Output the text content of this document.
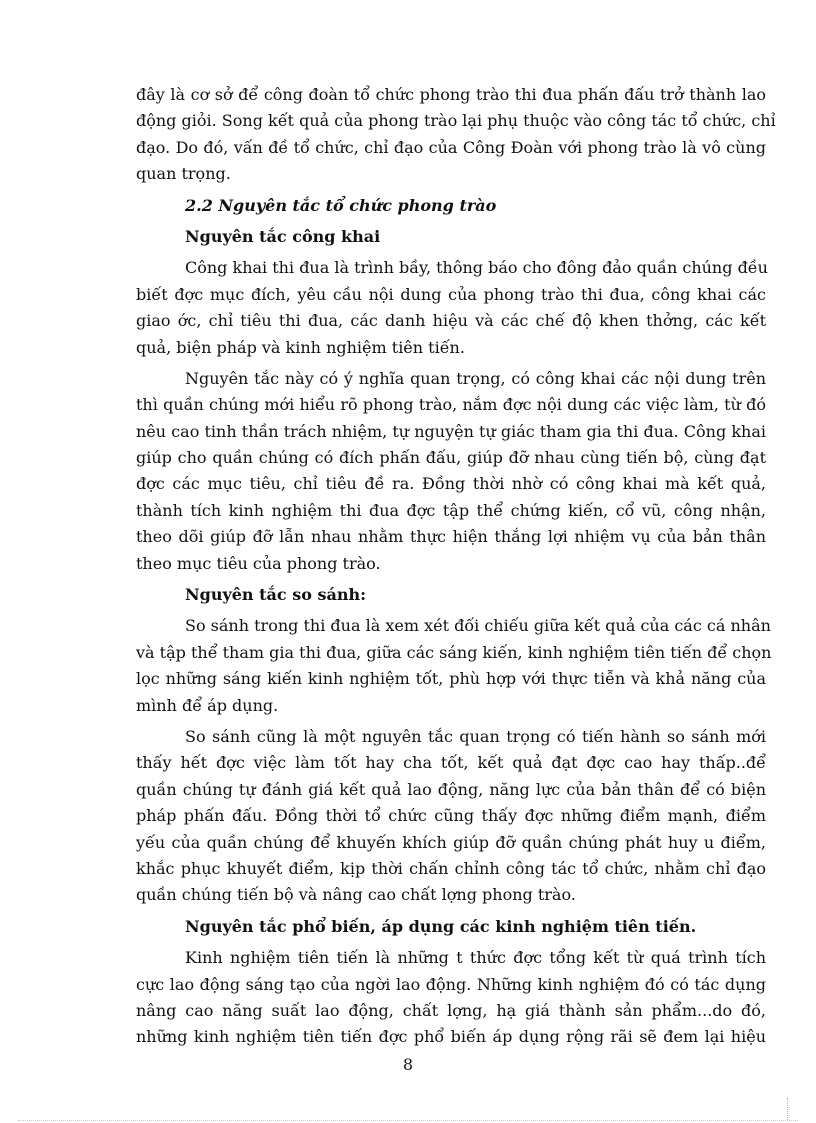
đây là cơ sở để công đoàn tổ chức phong trào thi đua phấn đấu trở thành lao
động giỏi. Song kết quả của phong trào lại phụ thuộc vào công tác tổ chức, chỉ
đạo. Do đó, vấn đề tổ chức, chỉ đạo của Công Đoàn với phong trào là vô cùng
quan trọng.
2.2 Nguyên tắc tổ chức phong trào
Nguyên tắc công khai
Công khai thi đua là trình bầy, thông báo cho đông đảo quần chúng đều
biết đợc mục đích, yêu cầu nội dung của phong trào thi đua, công khai các
giao ớc, chỉ tiêu thi đua, các danh hiệu và các chế độ khen thởng, các kết
quả, biện pháp và kinh nghiệm tiên tiến.
Nguyên tắc này có ý nghĩa quan trọng, có công khai các nội dung trên
thì quần chúng mới hiểu rõ phong trào, nắm đợc nội dung các việc làm, từ đó
nêu cao tinh thần trách nhiệm, tự nguyện tự giác tham gia thi đua. Công khai
giúp cho quần chúng có đích phấn đấu, giúp đỡ nhau cùng tiến bộ, cùng đạt
đợc các mục tiêu, chỉ tiêu đề ra. Đồng thời nhờ có công khai mà kết quả,
thành tích kinh nghiệm thi đua đợc tập thể chứng kiến, cổ vũ, công nhận,
theo dõi giúp đỡ lẫn nhau nhằm thực hiện thắng lợi nhiệm vụ của bản thân
theo mục tiêu của phong trào.
Nguyên tắc so sánh:
So sánh trong thi đua là xem xét đối chiếu giữa kết quả của các cá nhân
và tập thể tham gia thi đua, giữa các sáng kiến, kinh nghiệm tiên tiến để chọn
lọc những sáng kiến kinh nghiệm tốt, phù hợp với thực tiễn và khả năng của
mình để áp dụng.
So sánh cũng là một nguyên tắc quan trọng có tiến hành so sánh mới
thấy hết đợc việc làm tốt hay cha tốt, kết quả đạt đợc cao hay thấp..để
quần chúng tự đánh giá kết quả lao động, năng lực của bản thân để có biện
pháp phấn đấu. Đồng thời tổ chức cũng thấy đợc những điểm mạnh, điểm
yếu của quần chúng để khuyến khích giúp đỡ quần chúng phát huy u điểm,
khắc phục khuyết điểm, kịp thời chấn chỉnh công tác tổ chức, nhằm chỉ đạo
quần chúng tiến bộ và nâng cao chất lợng phong trào.
Nguyên tắc phổ biến, áp dụng các kinh nghiệm tiên tiến.
Kinh nghiệm tiên tiến là những t thức đợc tổng kết từ quá trình tích
cực lao động sáng tạo của ngời lao động. Những kinh nghiệm đó có tác dụng
nâng cao năng suất lao động, chất lợng, hạ giá thành sản phẩm...do đó,
những kinh nghiệm tiên tiến đợc phổ biến áp dụng rộng rãi sẽ đem lại hiệu
8
